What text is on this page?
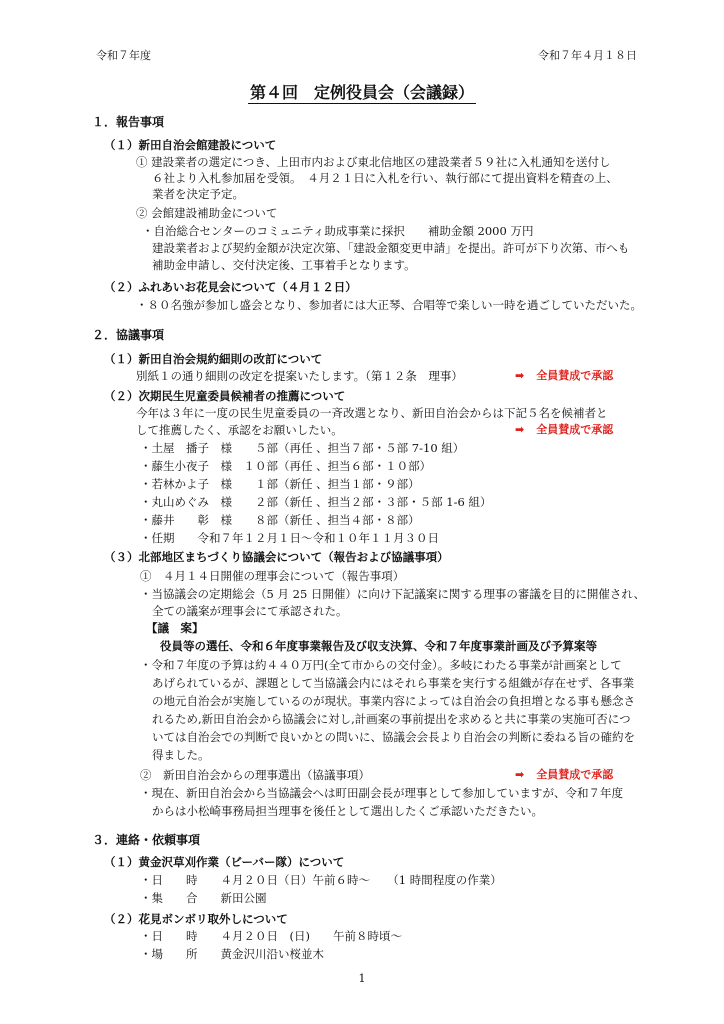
令和７年度	令和７年４月１８日
第４回　定例役員会（会議録）
１．報告事項
（１）新田自治会館建設について
① 建設業者の選定につき、上田市内および東北信地区の建設業者５９社に入札通知を送付し
６社より入札参加届を受領。　４月２１日に入札を行い、執行部にて提出資料を精査の上、
業者を決定予定。
② 会館建設補助金について
・自治総合センターのコミュニティ助成事業に採択　　補助金額 2000 万円
建設業者および契約金額が決定次第、「建設金額変更申請」を提出。許可が下り次第、市へも
補助金申請し、交付決定後、工事着手となります。
（２）ふれあいお花見会について（４月１２日）
・８０名強が参加し盛会となり、参加者には大正琴、合唱等で楽しい一時を過ごしていただいた。
２．協議事項
（１）新田自治会規約細則の改訂について
別紙１の通り細則の改定を提案いたします。（第１２条　理事）	➡ 全員賛成で承認
（２）次期民生児童委員候補者の推薦について
今年は３年に一度の民生児童委員の一斉改選となり、新田自治会からは下記５名を候補者と
して推薦したく、承認をお願いしたい。	➡ 全員賛成で承認
・土屋　播子　様　　５部（再任 、担当７部・５部 7-10 組）
・藤生小夜子　様　１０部（再任 、担当６部・１０部）
・若林かよ子　様　　１部（新任 、担当１部・９部）
・丸山めぐみ　様　　２部（新任 、担当２部・３部・５部 1-6 組）
・藤井　　彰　様　　８部（新任 、担当４部・８部）
・任期　　令和７年１２月１日～令和１０年１１月３０日
（３）北部地区まちづくり協議会について（報告および協議事項）
①　４月１４日開催の理事会について（報告事項）
・当協議会の定期総会（5 月 25 日開催）に向け下記議案に関する理事の審議を目的に開催され、
全ての議案が理事会にて承認された。
【議　案】
役員等の選任、令和６年度事業報告及び収支決算、令和７年度事業計画及び予算案等
・令和７年度の予算は約４４０万円(全て市からの交付金）。多岐にわたる事業が計画案として
あげられているが、課題として当協議会内にはそれら事業を実行する組織が存在せず、各事業
の地元自治会が実施しているのが現状。事業内容によっては自治会の負担増となる事も懸念さ
れるため,新田自治会から協議会に対し,計画案の事前提出を求めると共に事業の実施可否につ
いては自治会での判断で良いかとの問いに、協議会会長より自治会の判断に委ねる旨の確約を
得ました。
②　新田自治会からの理事選出（協議事項）	➡ 全員賛成で承認
・現在、新田自治会から当協議会へは町田副会長が理事として参加していますが、令和７年度
からは小松崎事務局担当理事を後任として選出したくご承認いただきたい。
３．連絡・依頼事項
（１）黄金沢草刈作業（ビーバー隊）について
・日　　時　　４月２０日（日）午前６時～　　（1 時間程度の作業）
・集　　合　　新田公園
（２）花見ボンボリ取外しについて
・日　　時　　４月２０日　(日)　　午前８時頃～
・場　　所　　黄金沢川沿い桜並木
1
